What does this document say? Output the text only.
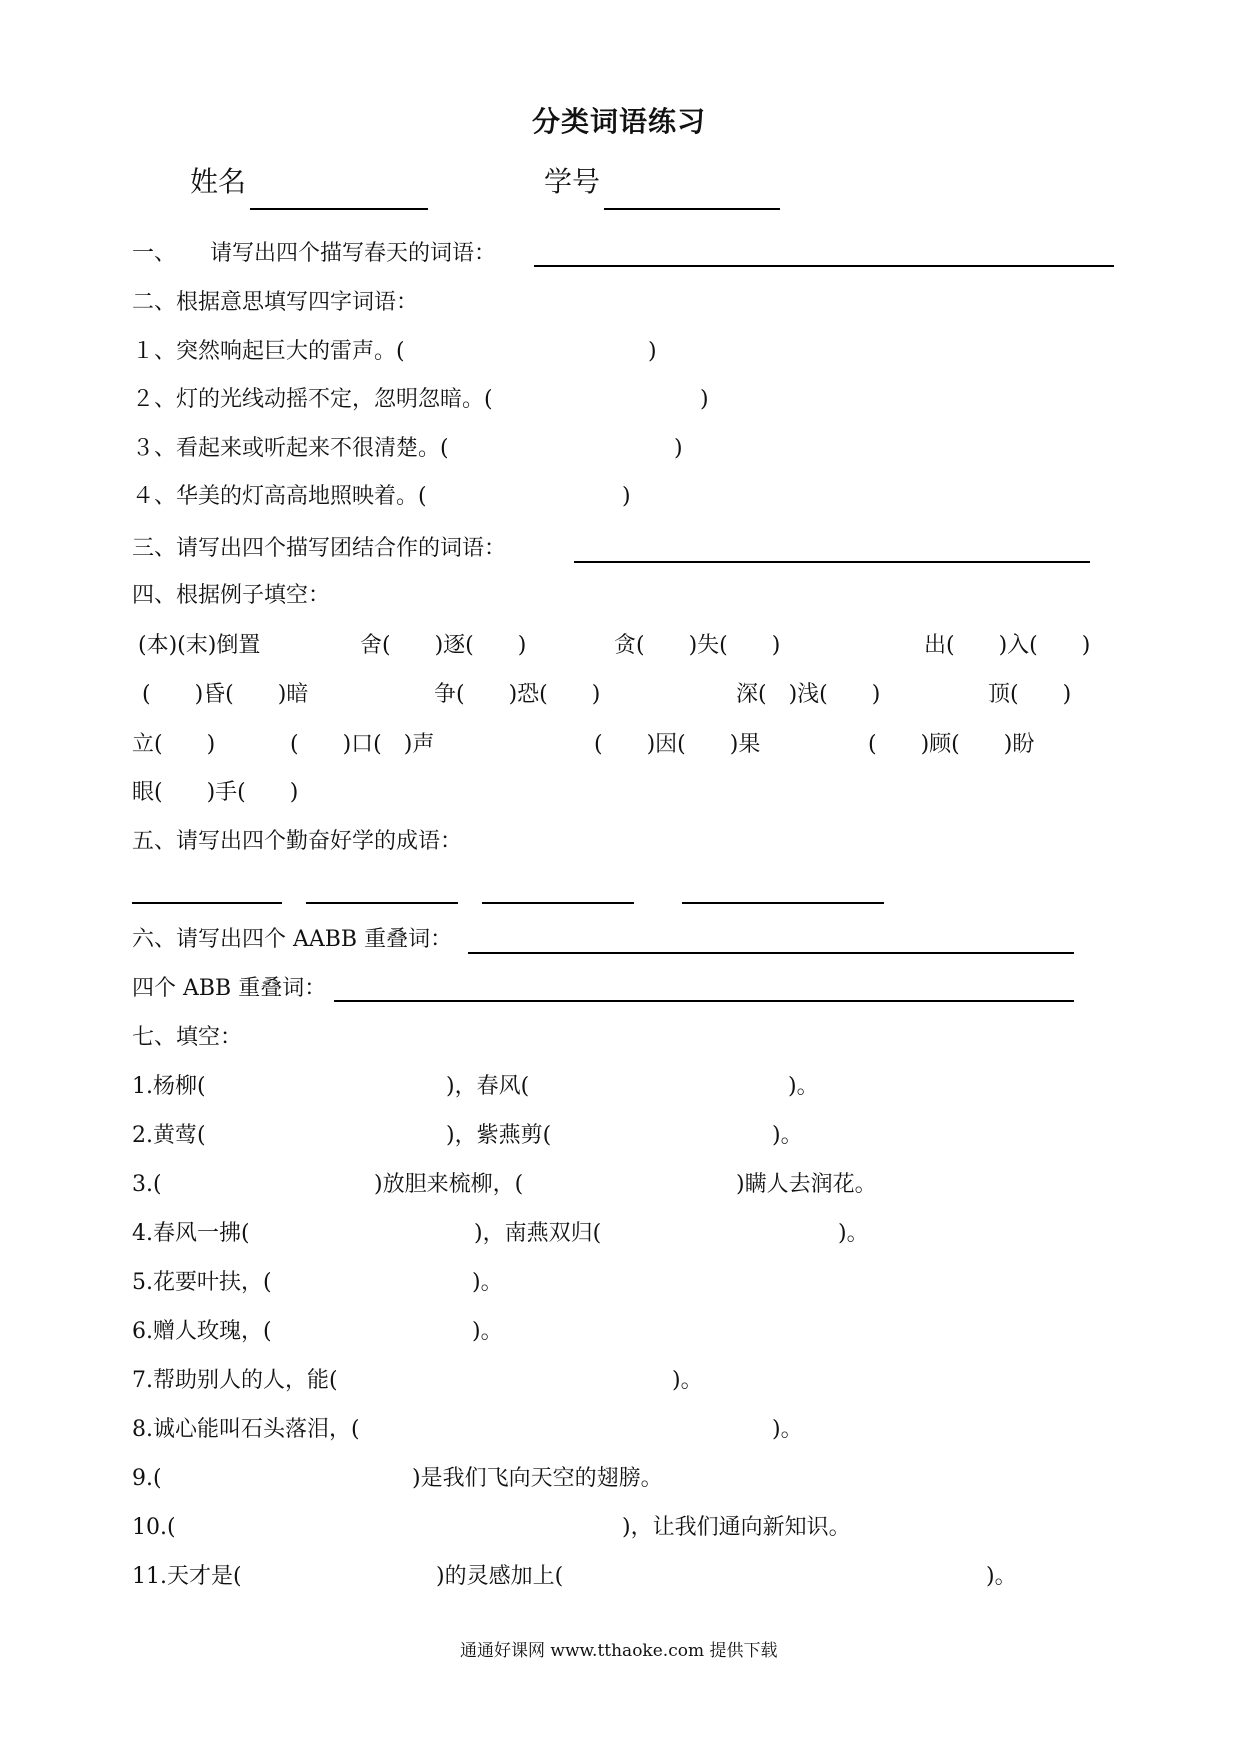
分类词语练习
姓名	学号
一、 请写出四个描写春天的词语：
二、根据意思填写四字词语：
１、突然响起巨大的雷声。(	)
２、灯的光线动摇不定，忽明忽暗。(	)
３、看起来或听起来不很清楚。(	)
４、华美的灯高高地照映着。(	)
三、请写出四个描写团结合作的词语：
四、根据例子填空：
(本)(末)倒置	舍(　　)逐(　　)	贪(　　)失(　　)	出(　　)入(　　)
(　　)昏(　　)暗	争(　　)恐(　　)	深(　)浅(　　)	顶(　　)
立(　　)	(　　)口(　)声	(　　)因(　　)果	(　　)顾(　　)盼
眼(　　)手(　　)
五、请写出四个勤奋好学的成语：
六、请写出四个 AABB 重叠词：
四个 ABB 重叠词：
七、填空：
1.杨柳(	)，春风(	)。
2.黄莺(	)，紫燕剪(	)。
3.(	)放胆来梳柳，(	)瞒人去润花。
4.春风一拂(	)，南燕双归(	)。
5.花要叶扶，(	)。
6.赠人玫瑰，(	)。
7.帮助别人的人，能(	)。
8.诚心能叫石头落泪，(	)。
9.(	)是我们飞向天空的翅膀。
10.(	)，让我们通向新知识。
11.天才是(	)的灵感加上(	)。
通通好课网 www.tthaoke.com 提供下载
